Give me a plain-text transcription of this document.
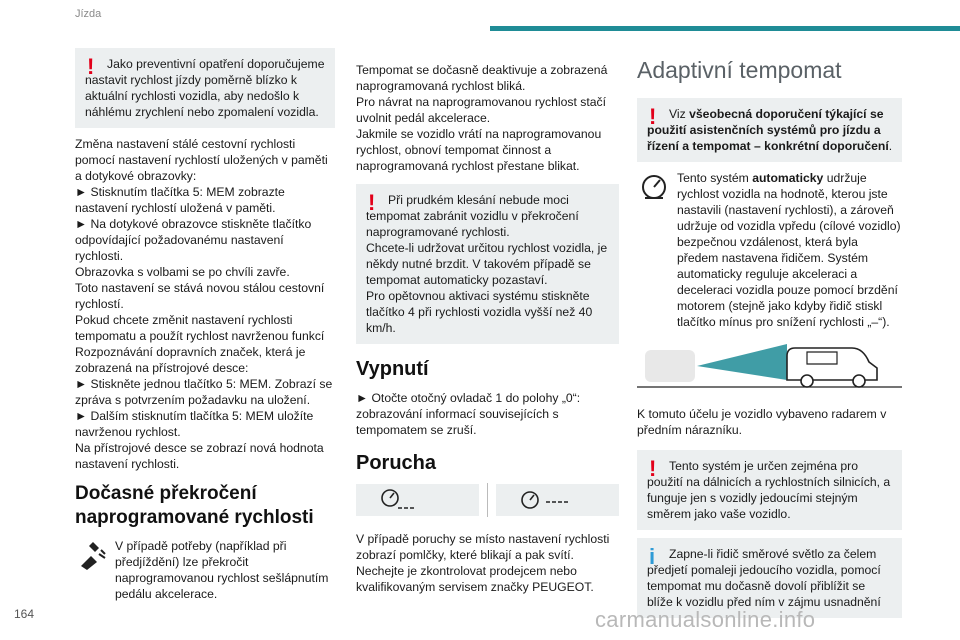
Jízda
!	Jako preventivní opatření doporučujeme nastavit rychlost jízdy poměrně blízko k aktuální rychlosti vozidla, aby nedošlo k náhlému zrychlení nebo zpomalení vozidla.

Změna nastavení stálé cestovní rychlosti pomocí nastavení rychlostí uložených v paměti a dotykové obrazovky:

► Stisknutím tlačítka 5: MEM zobrazte nastavení rychlostí uložená v paměti.

► Na dotykové obrazovce stiskněte tlačítko odpovídající požadovanému nastavení rychlosti.

Obrazovka s volbami se po chvíli zavře.

Toto nastavení se stává novou stálou cestovní rychlostí.

Pokud chcete změnit nastavení rychlosti tempomatu a použít rychlost navrženou funkcí Rozpoznávání dopravních značek, která je zobrazená na přístrojové desce:

► Stiskněte jednou tlačítko 5: MEM. Zobrazí se zpráva s potvrzením požadavku na uložení.

► Dalším stisknutím tlačítka 5: MEM uložíte navrženou rychlost.

Na přístrojové desce se zobrazí nová hodnota nastavení rychlosti.

Dočasné překročení naprogramované rychlosti
V případě potřeby (například při předjíždění) lze překročit naprogramovanou rychlost sešlápnutím pedálu akcelerace.

Tempomat se dočasně deaktivuje a zobrazená naprogramovaná rychlost bliká.

Pro návrat na naprogramovanou rychlost stačí uvolnit pedál akcelerace.

Jakmile se vozidlo vrátí na naprogramovanou rychlost, obnoví tempomat činnost a naprogramovaná rychlost přestane blikat.

!	Při prudkém klesání nebude moci tempomat zabránit vozidlu v překročení naprogramované rychlosti.

Chcete-li udržovat určitou rychlost vozidla, je někdy nutné brzdit. V takovém případě se tempomat automaticky pozastaví.

Pro opětovnou aktivaci systému stiskněte tlačítko 4 při rychlosti vozidla vyšší než 40 km/h.

Vypnutí

► Otočte otočný ovladač 1 do polohy „0“: zobrazování informací souvisejících s tempomatem se zruší.

Porucha

V případě poruchy se místo nastavení rychlosti zobrazí pomlčky, které blikají a pak svítí. Nechejte je zkontrolovat prodejcem nebo kvalifikovaným servisem značky PEUGEOT.

Adaptivní tempomat
!	Viz všeobecná doporučení týkající se použití asistenčních systémů pro jízdu a řízení a tempomat – konkrétní doporučení.

Tento systém automaticky udržuje rychlost vozidla na hodnotě, kterou jste nastavili (nastavení rychlosti), a zároveň udržuje od vozidla vpředu (cílové vozidlo) bezpečnou vzdálenost, která byla předem nastavena řidičem. Systém automaticky reguluje akceleraci a deceleraci vozidla pouze pomocí brzdění motorem (stejně jako kdyby řidič stiskl tlačítko mínus pro snížení rychlosti „–“).

K tomuto účelu je vozidlo vybaveno radarem v předním nárazníku.

!	Tento systém je určen zejména pro použití na dálnicích a rychlostních silnicích, a funguje jen s vozidly jedoucími stejným směrem jako vaše vozidlo.

i	Zapne-li řidič směrové světlo za čelem předjetí pomaleji jedoucího vozidla, pomocí tempomat mu dočasně dovolí přiblížit se blíže k vozidlu před ním v zájmu usnadnění

164	carmanualsonline.info
